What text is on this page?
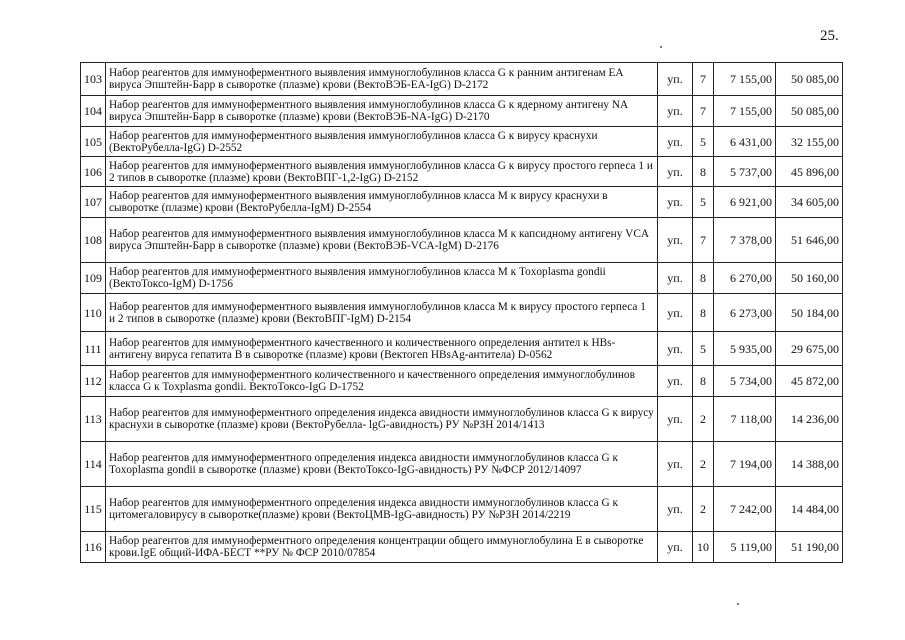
25.
103	Набор реагентов для иммуноферментного выявления иммуноглобулинов класса G к ранним антигенам ЕА вируса Эпштейн-Барр в сыворотке (плазме) крови (ВектоВЭБ-ЕА-IgG) D-2172	уп.	7	7 155,00	50 085,00
104	Набор реагентов для иммуноферментного выявления иммуноглобулинов класса G к ядерному антигену NA вируса Эпштейн-Барр в сыворотке (плазме) крови (ВектоВЭБ-NA-IgG) D-2170	уп.	7	7 155,00	50 085,00
105	Набор реагентов для иммуноферментного выявления иммуноглобулинов класса G к вирусу краснухи (ВектоРубелла-IgG) D-2552	уп.	5	6 431,00	32 155,00
106	Набор реагентов для иммуноферментного выявления иммуноглобулинов класса G к вирусу простого герпеса 1 и 2 типов в сыворотке (плазме) крови (ВектоВПГ-1,2-IgG) D-2152	уп.	8	5 737,00	45 896,00
107	Набор реагентов для иммуноферментного выявления иммуноглобулинов класса М к вирусу краснухи в сыворотке (плазме) крови (ВектоРубелла-IgM) D-2554	уп.	5	6 921,00	34 605,00
108	Набор реагентов для иммуноферментного выявления иммуноглобулинов класса М к капсидному антигену VCA вируса Эпштейн-Барр в сыворотке (плазме) крови (ВектоВЭБ-VCA-IgM) D-2176	уп.	7	7 378,00	51 646,00
109	Набор реагентов для иммуноферментного выявления иммуноглобулинов класса М к Toxoplasma gondii (ВектоТоксо-IgM) D-1756	уп.	8	6 270,00	50 160,00
110	Набор реагентов для иммуноферментного выявления иммуноглобулинов класса М к вирусу простого герпеса 1 и 2 типов в сыворотке (плазме) крови (ВектоВПГ-IgM) D-2154	уп.	8	6 273,00	50 184,00
111	Набор реагентов для иммуноферментного качественного и количественного определения антител к HBs-антигену вируса гепатита В в сыворотке (плазме) крови (Вектогеп HBsAg-антитела) D-0562	уп.	5	5 935,00	29 675,00
112	Набор реагентов для иммуноферментного количественного и качественного определения иммуноглобулинов класса G к Toxplasma gondii. ВектоТоксо-IgG D-1752	уп.	8	5 734,00	45 872,00
113	Набор реагентов для иммуноферментного определения индекса авидности иммуноглобулинов класса G к вирусу краснухи в сыворотке (плазме) крови (ВектоРубелла- lgG-авидность) РУ №РЗН 2014/1413	уп.	2	7 118,00	14 236,00
114	Набор реагентов для иммуноферментного определения индекса авидности иммуноглобулинов класса G к Toxoplasma gondii в сыворотке (плазме) крови (ВектоТоксо-IgG-авидность) РУ №ФСР 2012/14097	уп.	2	7 194,00	14 388,00
115	Набор реагентов для иммуноферментного определения индекса авидности иммуноглобулинов класса G к цитомегаловирусу в сыворотке(плазме) крови (ВектоЦМВ-IgG-авидность) РУ №РЗН 2014/2219	уп.	2	7 242,00	14 484,00
116	Набор реагентов для иммуноферментного определения концентрации общего иммуноглобулина Е в сыворотке крови.IgE общий-ИФА-БЕСТ **РУ № ФСР 2010/07854	уп.	10	5 119,00	51 190,00
